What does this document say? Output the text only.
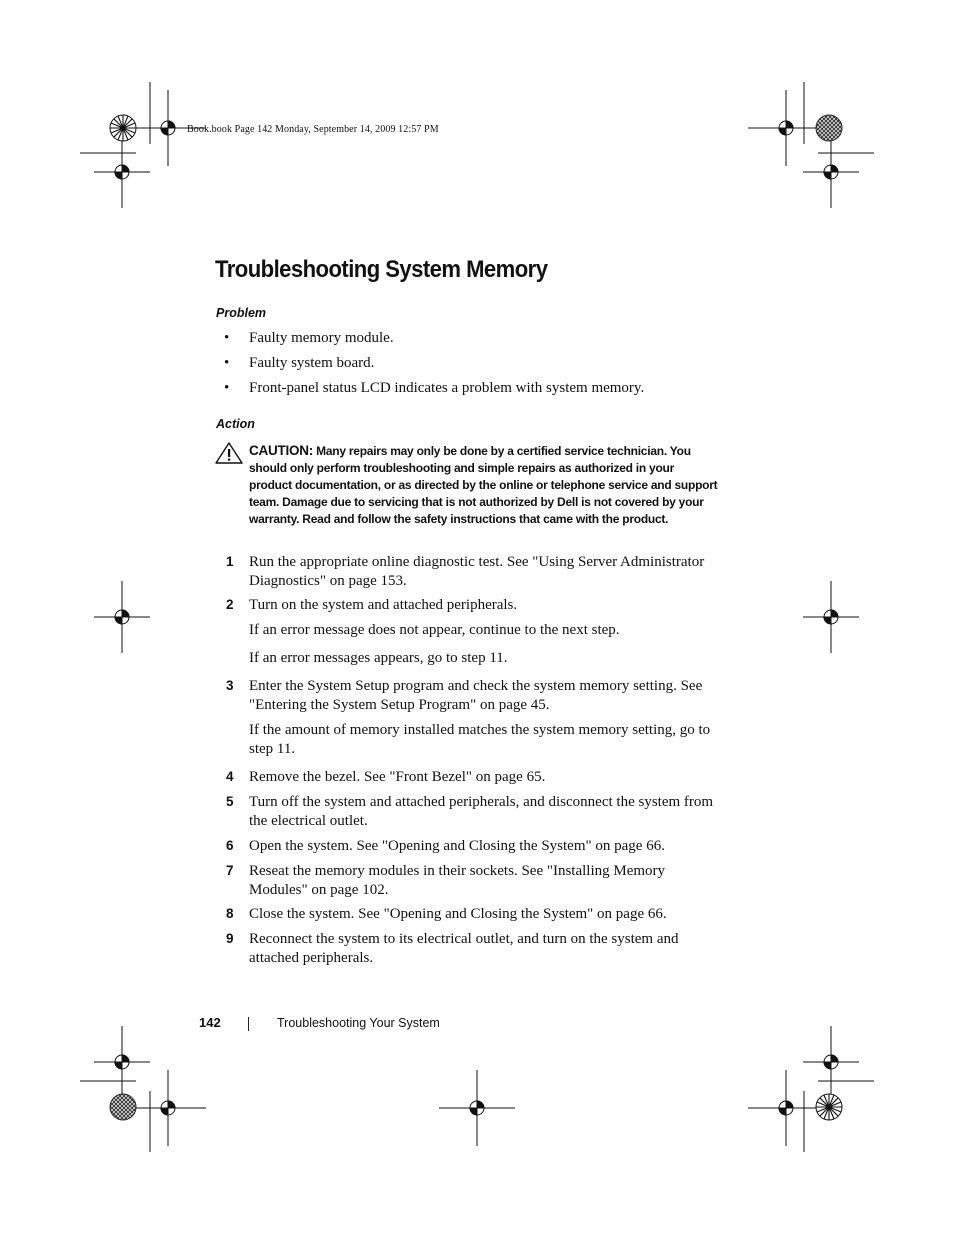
Book.book Page 142 Monday, September 14, 2009 12:57 PM
Troubleshooting System Memory
Problem
• Faulty memory module.
• Faulty system board.
• Front-panel status LCD indicates a problem with system memory.
Action
CAUTION: Many repairs may only be done by a certified service technician. You should only perform troubleshooting and simple repairs as authorized in your product documentation, or as directed by the online or telephone service and support team. Damage due to servicing that is not authorized by Dell is not covered by your warranty. Read and follow the safety instructions that came with the product.
1 Run the appropriate online diagnostic test. See "Using Server Administrator Diagnostics" on page 153.
2 Turn on the system and attached peripherals.
If an error message does not appear, continue to the next step.
If an error messages appears, go to step 11.
3 Enter the System Setup program and check the system memory setting. See "Entering the System Setup Program" on page 45.
If the amount of memory installed matches the system memory setting, go to step 11.
4 Remove the bezel. See "Front Bezel" on page 65.
5 Turn off the system and attached peripherals, and disconnect the system from the electrical outlet.
6 Open the system. See "Opening and Closing the System" on page 66.
7 Reseat the memory modules in their sockets. See "Installing Memory Modules" on page 102.
8 Close the system. See "Opening and Closing the System" on page 66.
9 Reconnect the system to its electrical outlet, and turn on the system and attached peripherals.
142	Troubleshooting Your System
